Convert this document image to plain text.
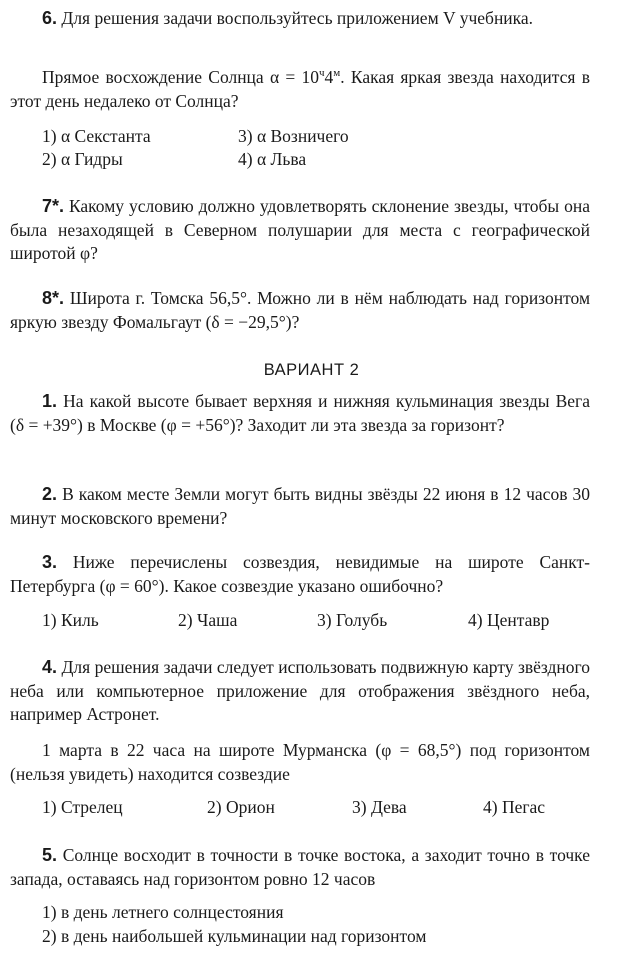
6. Для решения задачи воспользуйтесь приложением V учебника.
Прямое восхождение Солнца $\alpha = 10^ч4^м$. Какая яркая звезда находится в этот день недалеко от Солнца?
1) α Секстанта	3) α Возничего
2) α Гидры	4) α Льва
7*. Какому условию должно удовлетворять склонение звезды, чтобы она была незаходящей в Северном полушарии для места с географической широтой φ?
8*. Широта г. Томска 56,5°. Можно ли в нём наблюдать над горизонтом яркую звезду Фомальгаут (δ = −29,5°)?
ВАРИАНТ 2
1. На какой высоте бывает верхняя и нижняя кульминация звезды Вега (δ = +39°) в Москве (φ = +56°)? Заходит ли эта звезда за горизонт?
2. В каком месте Земли могут быть видны звёзды 22 июня в 12 часов 30 минут московского времени?
3. Ниже перечислены созвездия, невидимые на широте Санкт-Петербурга (φ = 60°). Какое созвездие указано ошибочно?
1) Киль	2) Чаша	3) Голубь	4) Центавр
4. Для решения задачи следует использовать подвижную карту звёздного неба или компьютерное приложение для отображения звёздного неба, например Астронет.
1 марта в 22 часа на широте Мурманска (φ = 68,5°) под горизонтом (нельзя увидеть) находится созвездие
1) Стрелец	2) Орион	3) Дева	4) Пегас
5. Солнце восходит в точности в точке востока, а заходит точно в точке запада, оставаясь над горизонтом ровно 12 часов
1) в день летнего солнцестояния
2) в день наибольшей кульминации над горизонтом
